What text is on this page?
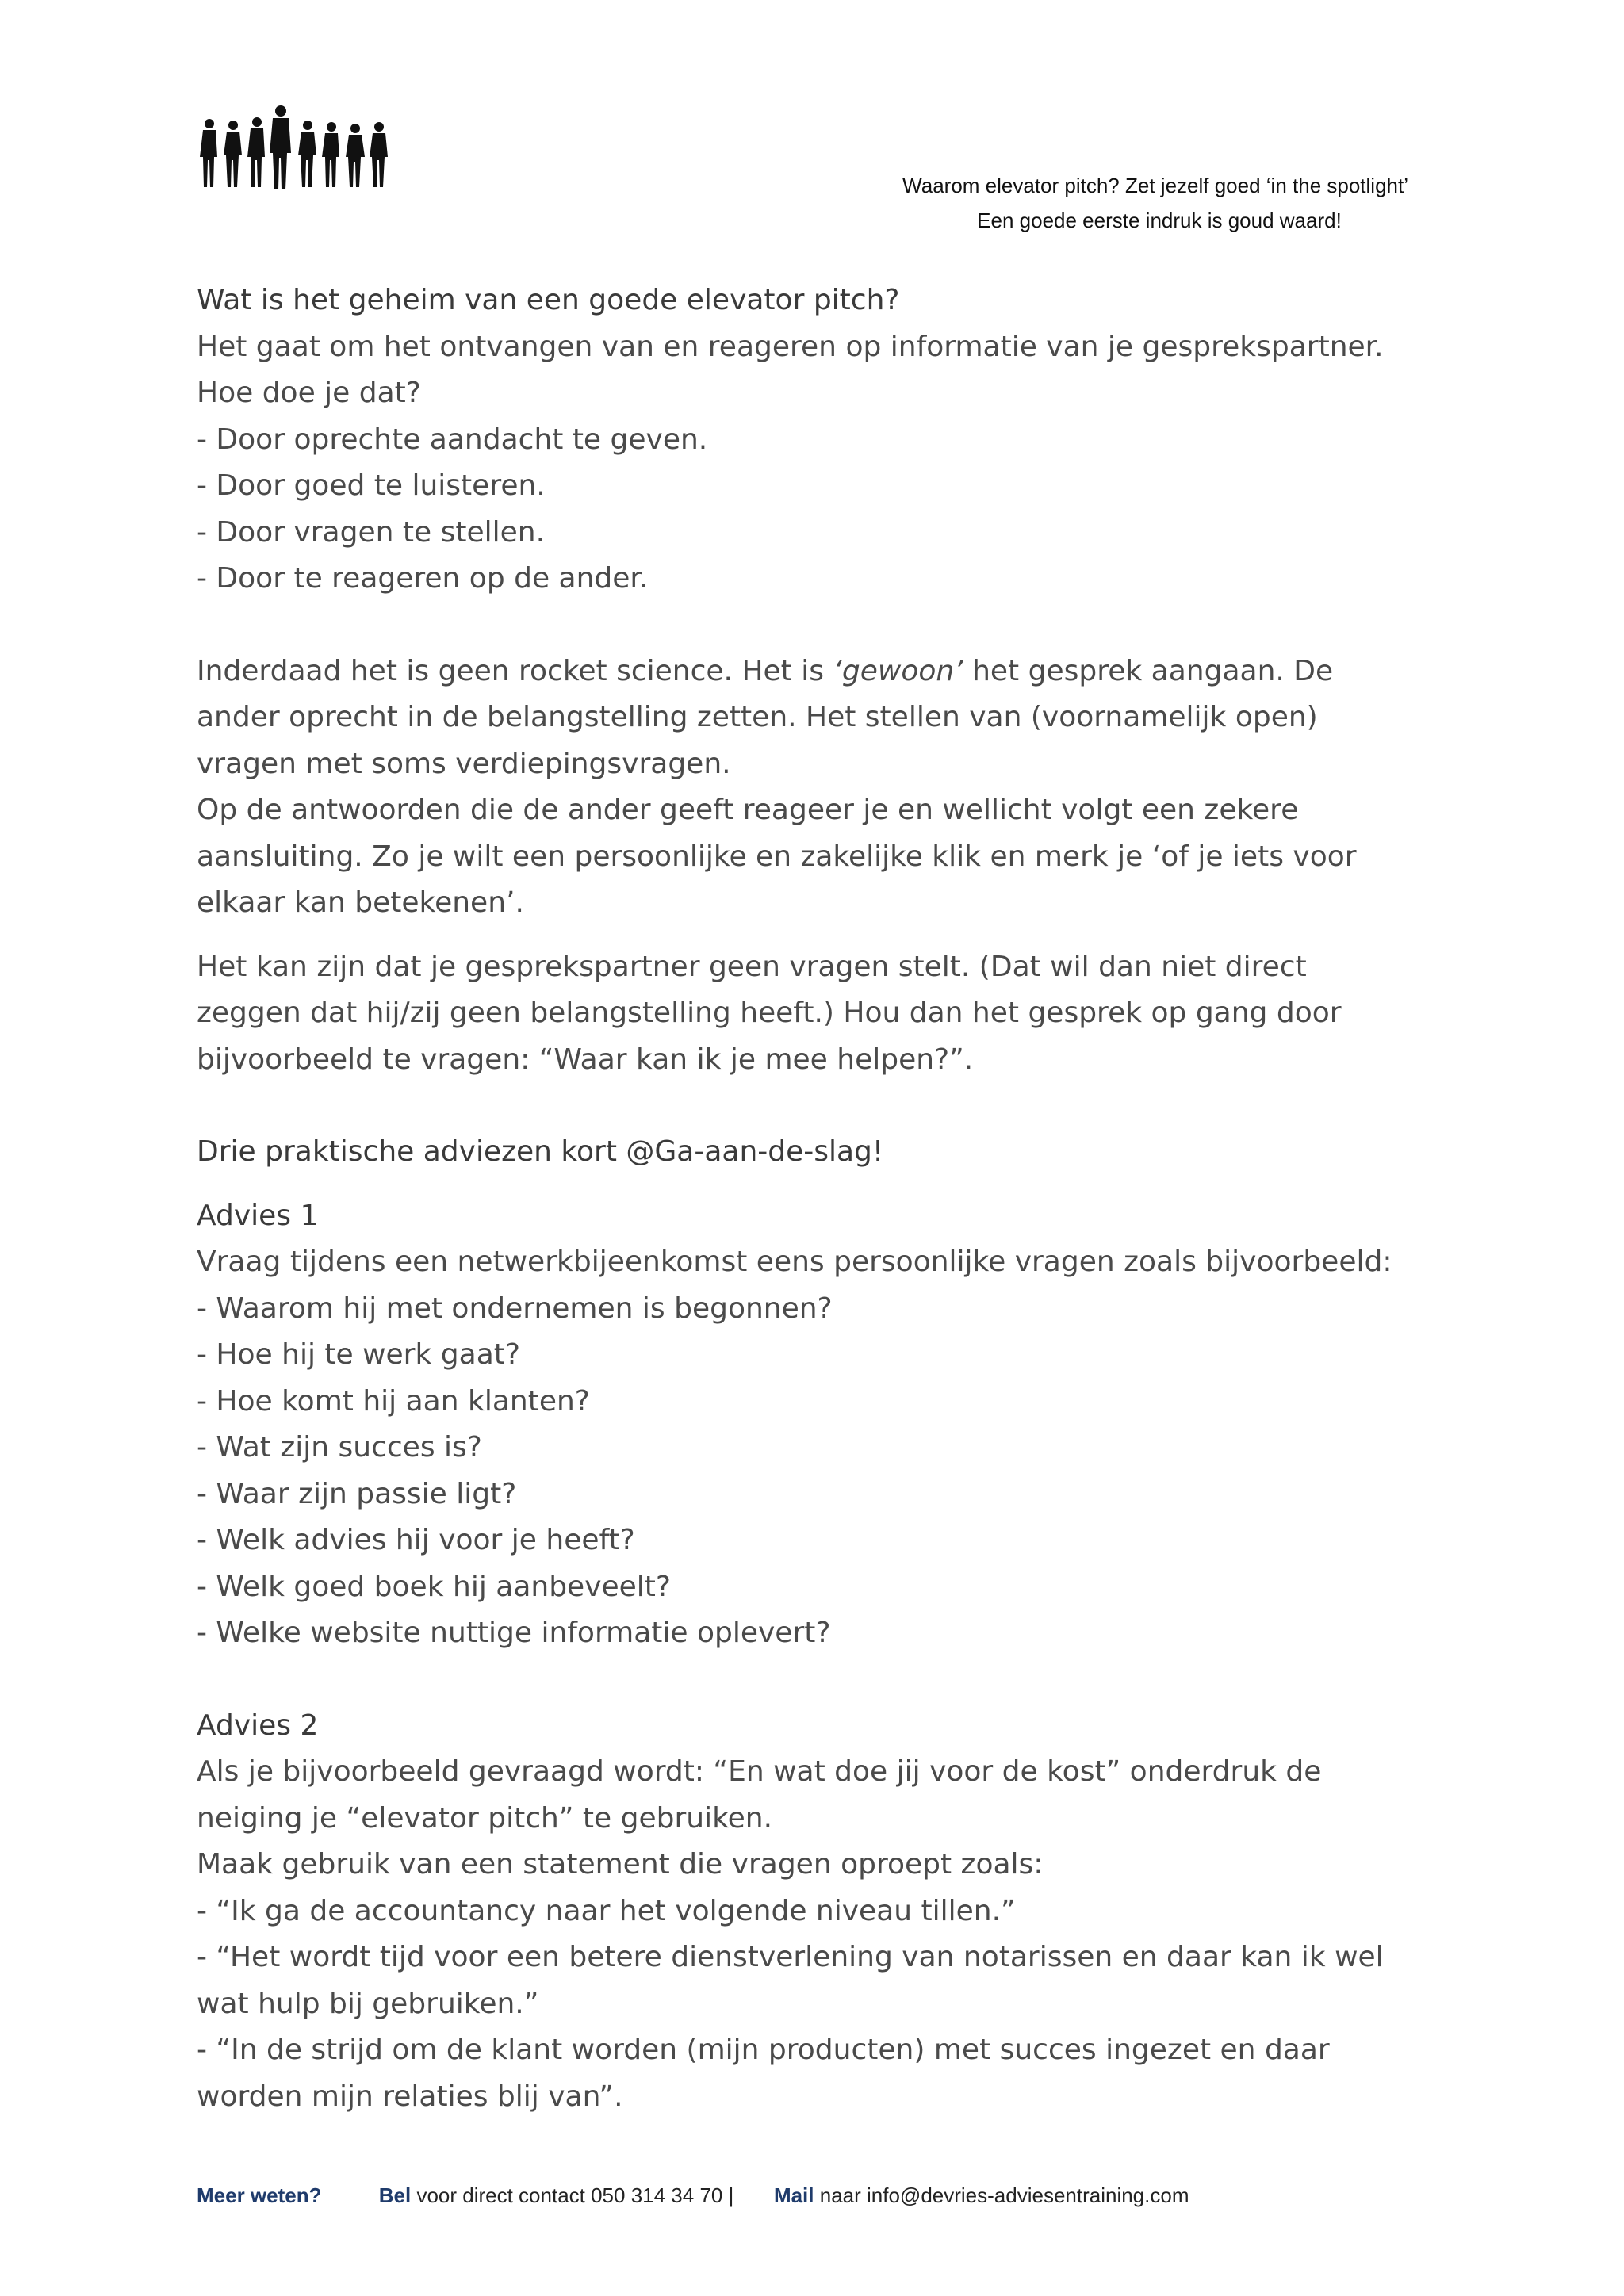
Waarom elevator pitch? Zet jezelf goed ‘in the spotlight’
Een goede eerste indruk is goud waard!

Wat is het geheim van een goede elevator pitch?

Het gaat om het ontvangen van en reageren op informatie van je gesprekspartner.

Hoe doe je dat?

- Door oprechte aandacht te geven.

- Door goed te luisteren.

- Door vragen te stellen.

- Door te reageren op de ander.

Inderdaad het is geen rocket science. Het is ‘gewoon’ het gesprek aangaan. De

ander oprecht in de belangstelling zetten. Het stellen van (voornamelijk open)

vragen met soms verdiepingsvragen.

Op de antwoorden die de ander geeft reageer je en wellicht volgt een zekere

aansluiting. Zo je wilt een persoonlijke en zakelijke klik en merk je ‘of je iets voor

elkaar kan betekenen’.

Het kan zijn dat je gesprekspartner geen vragen stelt. (Dat wil dan niet direct

zeggen dat hij/zij geen belangstelling heeft.) Hou dan het gesprek op gang door

bijvoorbeeld te vragen: “Waar kan ik je mee helpen?”.

Drie praktische adviezen kort @Ga-aan-de-slag!

Advies 1

Vraag tijdens een netwerkbijeenkomst eens persoonlijke vragen zoals bijvoorbeeld:

- Waarom hij met ondernemen is begonnen?

- Hoe hij te werk gaat?

- Hoe komt hij aan klanten?

- Wat zijn succes is?

- Waar zijn passie ligt?

- Welk advies hij voor je heeft?

- Welk goed boek hij aanbeveelt?

- Welke website nuttige informatie oplevert?

Advies 2

Als je bijvoorbeeld gevraagd wordt: “En wat doe jij voor de kost” onderdruk de

neiging je “elevator pitch” te gebruiken.

Maak gebruik van een statement die vragen oproept zoals:

- “Ik ga de accountancy naar het volgende niveau tillen.”

- “Het wordt tijd voor een betere dienstverlening van notarissen en daar kan ik wel

wat hulp bij gebruiken.”

- “In de strijd om de klant worden (mijn producten) met succes ingezet en daar

worden mijn relaties blij van”.

Meer weten?	Bel voor direct contact 050 314 34 70 | Mail naar info@devries-adviesentraining.com
